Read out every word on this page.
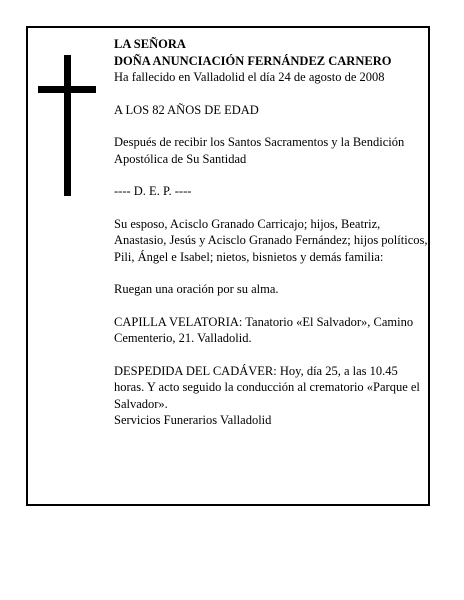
LA SEÑORA

DOÑA ANUNCIACIÓN FERNÁNDEZ CARNERO

Ha fallecido en Valladolid el día 24 de agosto de 2008

A LOS 82 AÑOS DE EDAD

Después de recibir los Santos Sacramentos y la Bendición Apostólica de Su Santidad

---- D. E. P. ----

Su esposo, Acisclo Granado Carricajo; hijos, Beatriz, Anastasio, Jesús y Acisclo Granado Fernández; hijos políticos, Pili, Ángel e Isabel; nietos, bisnietos y demás familia:

Ruegan una oración por su alma.

CAPILLA VELATORIA: Tanatorio «El Salvador», Camino Cementerio, 21. Valladolid.

DESPEDIDA DEL CADÁVER: Hoy, día 25, a las 10.45 horas. Y acto seguido la conducción al crematorio «Parque el Salvador».

Servicios Funerarios Valladolid
